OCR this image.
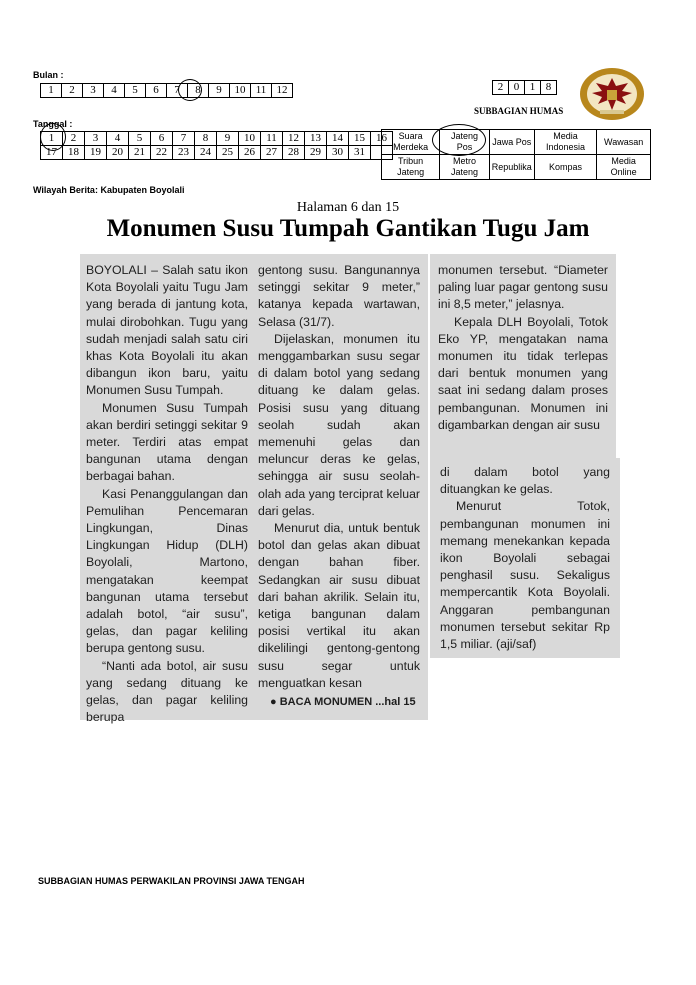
Bulan :
1	2	3	4	5	6	7	8	9	10	11	12
Tanggal :
1	2	3	4	5	6	7	8	9	10	11	12	13	14	15	16
17	18	19	20	21	22	23	24	25	26	27	28	29	30	31	
Wilayah Berita: Kabupaten Boyolali
2	0	1	8
SUBBAGIAN HUMAS
Suara Merdeka	Jateng Pos	Jawa Pos	Media Indonesia	Wawasan
Tribun Jateng	Metro Jateng	Republika	Kompas	Media Online
Halaman 6 dan 15
Monumen Susu Tumpah Gantikan Tugu Jam

BOYOLALI – Salah satu ikon Kota Boyolali yaitu Tugu Jam yang berada di jantung kota, mulai dirobohkan. Tugu yang sudah menjadi salah satu ciri khas Kota Boyolali itu akan dibangun ikon baru, yaitu Monumen Susu Tumpah.

Monumen Susu Tumpah akan berdiri setinggi sekitar 9 meter. Terdiri atas empat bangunan utama dengan berbagai bahan.

Kasi Penanggulangan dan Pemulihan Pencemaran Lingkungan, Dinas Lingkungan Hidup (DLH) Boyolali, Martono, mengatakan keempat bangunan utama tersebut adalah botol, “air susu”, gelas, dan pagar keliling berupa gentong susu.

“Nanti ada botol, air susu yang sedang dituang ke gelas, dan pagar keliling berupa

gentong susu. Bangunannya setinggi sekitar 9 meter,” katanya kepada wartawan, Selasa (31/7).

Dijelaskan, monumen itu menggambarkan susu segar di dalam botol yang sedang dituang ke dalam gelas. Posisi susu yang dituang seolah sudah akan memenuhi gelas dan meluncur deras ke gelas, sehingga air susu seolah-olah ada yang terciprat keluar dari gelas.

Menurut dia, untuk bentuk botol dan gelas akan dibuat dengan bahan fiber. Sedangkan air susu dibuat dari bahan akrilik. Selain itu, ketiga bangunan dalam posisi vertikal itu akan dikelilingi gentong-gentong susu segar untuk menguatkan kesan

● BACA MONUMEN ...hal 15

monumen tersebut. “Diameter paling luar pagar gentong susu ini 8,5 meter,” jelasnya.

Kepala DLH Boyolali, Totok Eko YP, mengatakan nama monumen itu tidak terlepas dari bentuk monumen yang saat ini sedang dalam proses pembangunan. Monumen ini digambarkan dengan air susu

di dalam botol yang dituangkan ke gelas.

Menurut Totok, pembangunan monumen ini memang menekankan kepada ikon Boyolali sebagai penghasil susu. Sekaligus mempercantik Kota Boyolali. Anggaran pembangunan monumen tersebut sekitar Rp 1,5 miliar. (aji/saf)

SUBBAGIAN HUMAS PERWAKILAN PROVINSI JAWA TENGAH
